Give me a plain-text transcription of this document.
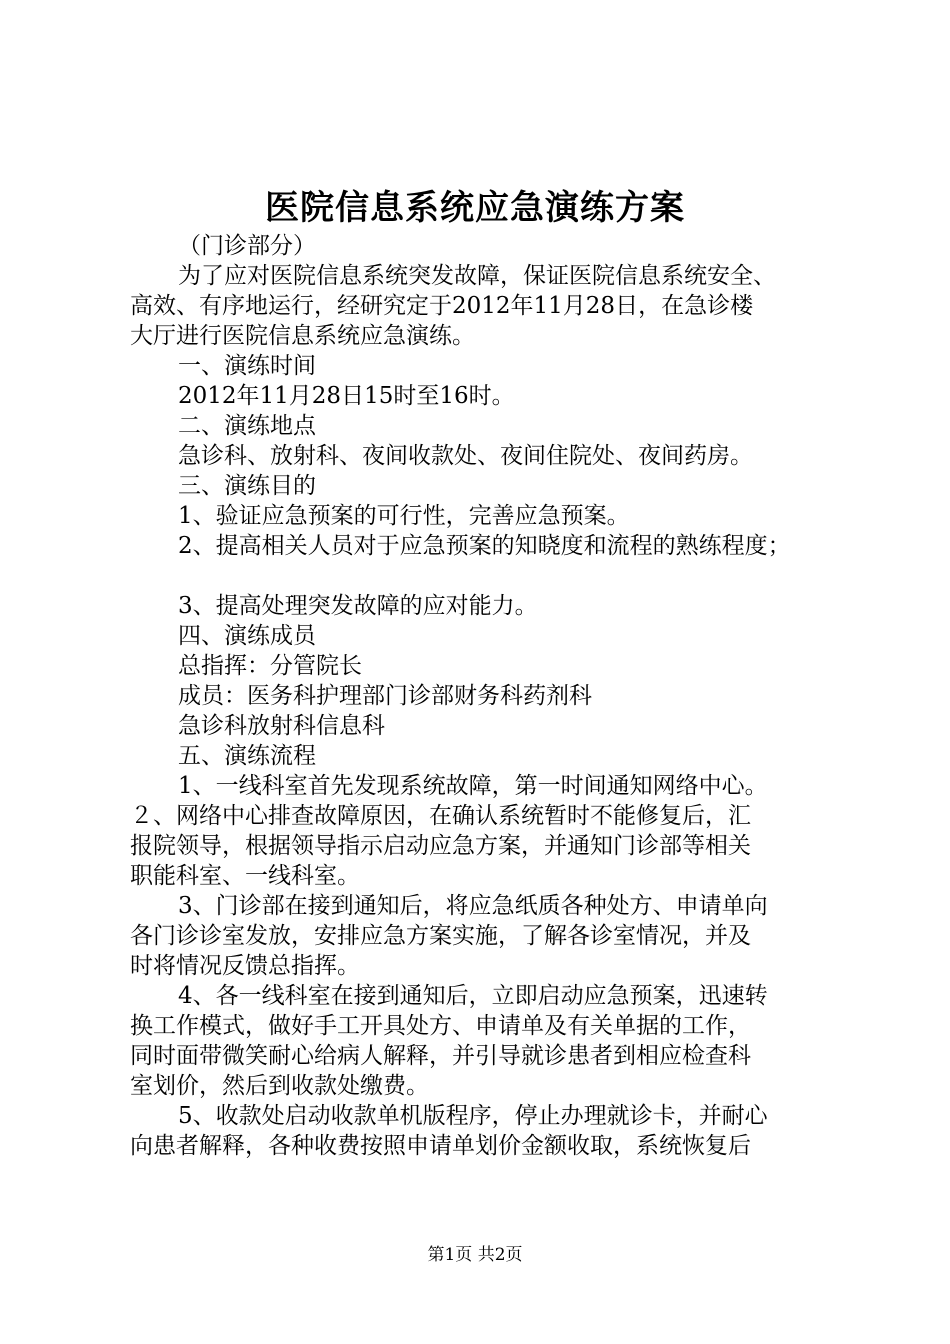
医院信息系统应急演练方案
（门诊部分）
为了应对医院信息系统突发故障，保证医院信息系统安全、
高效、有序地运行，经研究定于2012年11月28日，在急诊楼
大厅进行医院信息系统应急演练。
一、演练时间
2012年11月28日15时至16时。
二、演练地点
急诊科、放射科、夜间收款处、夜间住院处、夜间药房。
三、演练目的
1、验证应急预案的可行性，完善应急预案。
2、提高相关人员对于应急预案的知晓度和流程的熟练程度；
3、提高处理突发故障的应对能力。
四、演练成员
总指挥：分管院长
成员：医务科护理部门诊部财务科药剂科
急诊科放射科信息科
五、演练流程
1、一线科室首先发现系统故障，第一时间通知网络中心。
２、网络中心排查故障原因，在确认系统暂时不能修复后，汇
报院领导，根据领导指示启动应急方案，并通知门诊部等相关
职能科室、一线科室。
3、门诊部在接到通知后，将应急纸质各种处方、申请单向
各门诊诊室发放，安排应急方案实施，了解各诊室情况，并及
时将情况反馈总指挥。
4、各一线科室在接到通知后，立即启动应急预案，迅速转
换工作模式，做好手工开具处方、申请单及有关单据的工作，
同时面带微笑耐心给病人解释，并引导就诊患者到相应检查科
室划价，然后到收款处缴费。
5、收款处启动收款单机版程序，停止办理就诊卡，并耐心
向患者解释，各种收费按照申请单划价金额收取，系统恢复后
第1页 共2页
